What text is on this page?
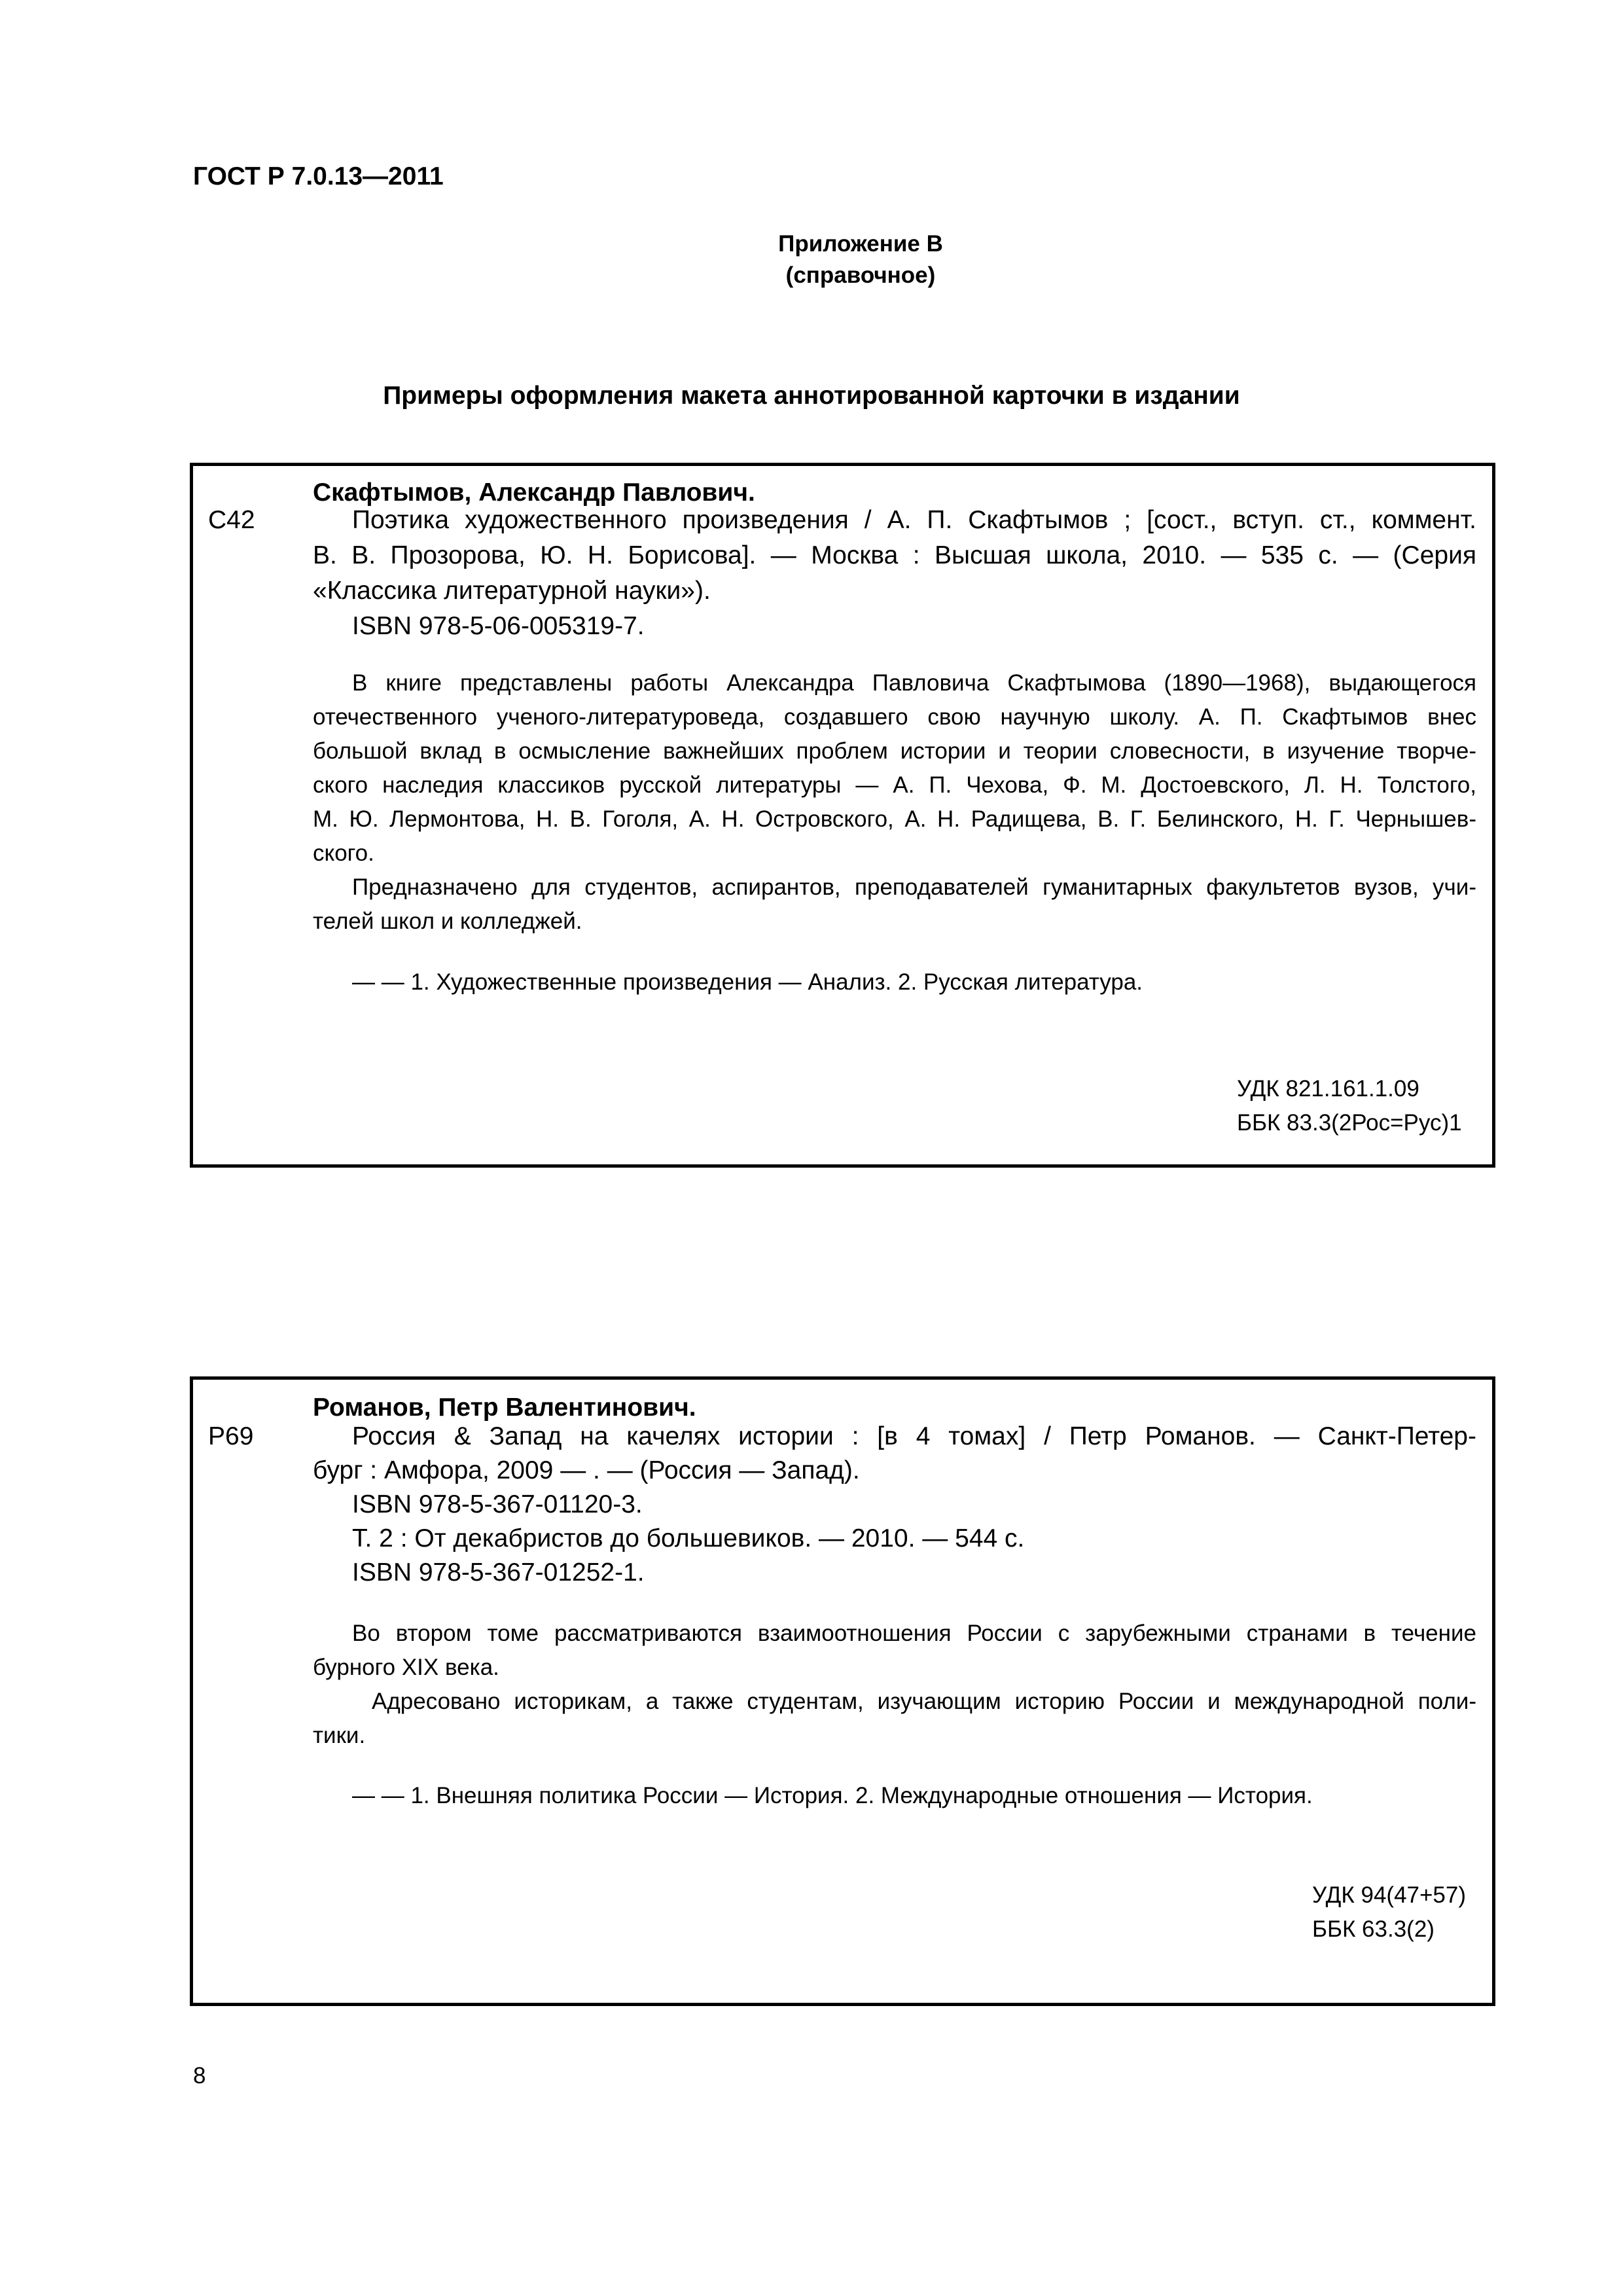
ГОСТ Р 7.0.13—2011
Приложение В
(справочное)
Примеры оформления макета аннотированной карточки в издании
С42
Скафтымов, Александр Павлович.
Поэтика художественного произведения / А. П. Скафтымов ; [сост., вступ. ст., коммент.
В. В. Прозорова, Ю. Н. Борисова]. — Москва : Высшая школа, 2010. — 535 с. — (Серия
«Классика литературной науки»).
ISBN 978-5-06-005319-7.
В книге представлены работы Александра Павловича Скафтымова (1890—1968), выдающегося
отечественного ученого-литературоведа, создавшего свою научную школу. А. П. Скафтымов внес
большой вклад в осмысление важнейших проблем истории и теории словесности, в изучение творче-
ского наследия классиков русской литературы — А. П. Чехова, Ф. М. Достоевского, Л. Н. Толстого,
М. Ю. Лермонтова, Н. В. Гоголя, А. Н. Островского, А. Н. Радищева, В. Г. Белинского, Н. Г. Чернышев-
ского.
Предназначено для студентов, аспирантов, преподавателей гуманитарных факультетов вузов, учи-
телей школ и колледжей.
— — 1. Художественные произведения — Анализ. 2. Русская литература.
УДК 821.161.1.09
ББК 83.3(2Рос=Рус)1
Р69
Романов, Петр Валентинович.
Россия & Запад на качелях истории : [в 4 томах] / Петр Романов. — Санкт-Петер-
бург : Амфора, 2009 — . — (Россия — Запад).
ISBN 978-5-367-01120-3.
Т. 2 : От декабристов до большевиков. — 2010. — 544 с.
ISBN 978-5-367-01252-1.
Во втором томе рассматриваются взаимоотношения России с зарубежными странами в течение
бурного XIX века.
Адресовано историкам, а также студентам, изучающим историю России и международной поли-
тики.
— — 1. Внешняя политика России — История. 2. Международные отношения — История.
УДК 94(47+57)
ББК 63.3(2)
8
